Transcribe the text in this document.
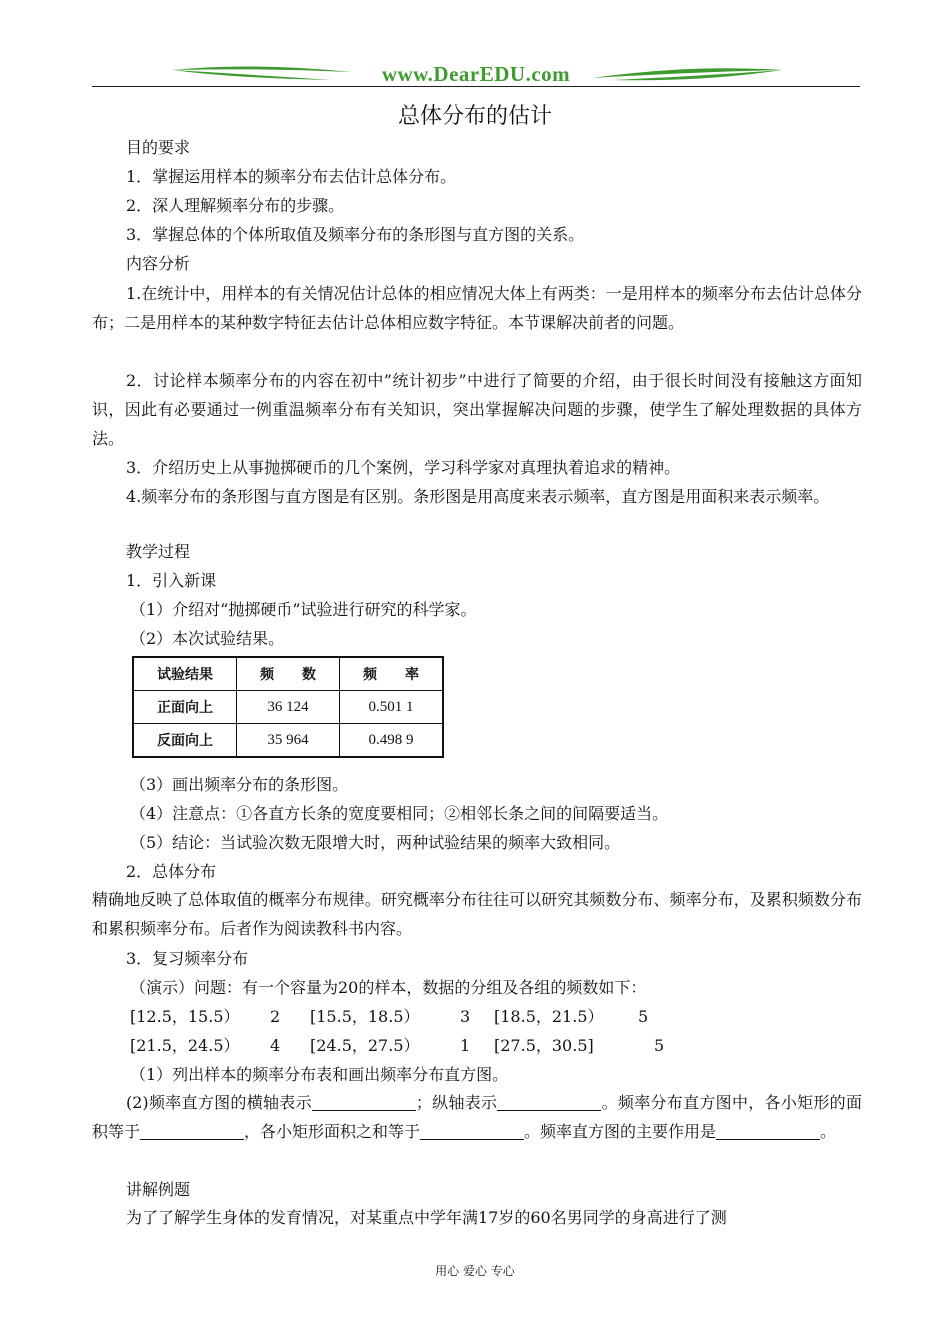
www.DearEDU.com
总体分布的估计
目的要求
1．掌握运用样本的频率分布去估计总体分布。
2．深人理解频率分布的步骤。
3．掌握总体的个体所取值及频率分布的条形图与直方图的关系。
内容分析
1.在统计中，用样本的有关情况估计总体的相应情况大体上有两类：一是用样本的频率分布去估计总体分布；二是用样本的某种数字特征去估计总体相应数字特征。本节课解决前者的问题。
2．讨论样本频率分布的内容在初中”统计初步”中进行了简要的介绍，由于很长时间没有接触这方面知识，因此有必要通过一例重温频率分布有关知识，突出掌握解决问题的步骤，使学生了解处理数据的具体方法。
3．介绍历史上从事抛掷硬币的几个案例，学习科学家对真理执着追求的精神。
4.频率分布的条形图与直方图是有区别。条形图是用高度来表示频率，直方图是用面积来表示频率。
教学过程
1．引入新课
（1）介绍对“抛掷硬币”试验进行研究的科学家。
（2）本次试验结果。
试验结果	频　　数	频　　率
正面向上	36 124	0.501 1
反面向上	35 964	0.498 9
（3）画出频率分布的条形图。
（4）注意点：①各直方长条的宽度要相同；②相邻长条之间的间隔要适当。
（5）结论：当试验次数无限增大时，两种试验结果的频率大致相同。
2．总体分布
精确地反映了总体取值的概率分布规律。研究概率分布往往可以研究其频数分布、频率分布，及累积频数分布和累积频率分布。后者作为阅读教科书内容。
3．复习频率分布
（演示）问题：有一个容量为20的样本，数据的分组及各组的频数如下：
[12.5，15.5） 2 [15.5，18.5）	3 [18.5，21.5） 5
[21.5，24.5） 4 [24.5，27.5）	1 [27.5，30.5]	5
（1）列出样本的频率分布表和画出频率分布直方图。
(2)频率直方图的横轴表示	；纵轴表示	。频率分布直方图中，各小矩形的面积等于	，各小矩形面积之和等于	。频率直方图的主要作用是	。
讲解例题
为了了解学生身体的发育情况，对某重点中学年满17岁的60名男同学的身高进行了测
用心 爱心 专心
